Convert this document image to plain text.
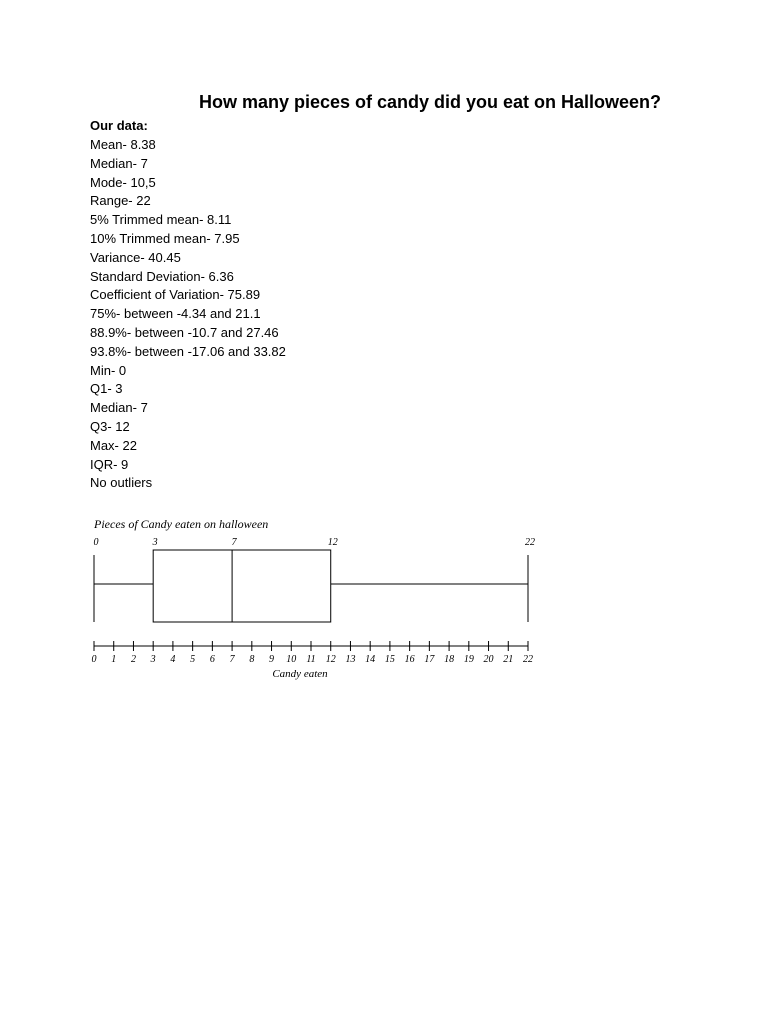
How many pieces of candy did you eat on Halloween?
Our data:
Mean- 8.38
Median- 7
Mode- 10,5
Range- 22
5% Trimmed mean- 8.11
10% Trimmed mean- 7.95
Variance- 40.45
Standard Deviation- 6.36
Coefficient of Variation- 75.89
75%- between -4.34 and 21.1
88.9%- between -10.7 and 27.46
93.8%- between -17.06 and 33.82
Min- 0
Q1- 3
Median- 7
Q3- 12
Max- 22
IQR- 9
No outliers
Pieces of Candy eaten on halloween
Candy eaten
0	3	7	12	22
0 1 2 3 4 5 6 7 8 9 10 11 12 13 14 15 16 17 18 19 20 21 22
